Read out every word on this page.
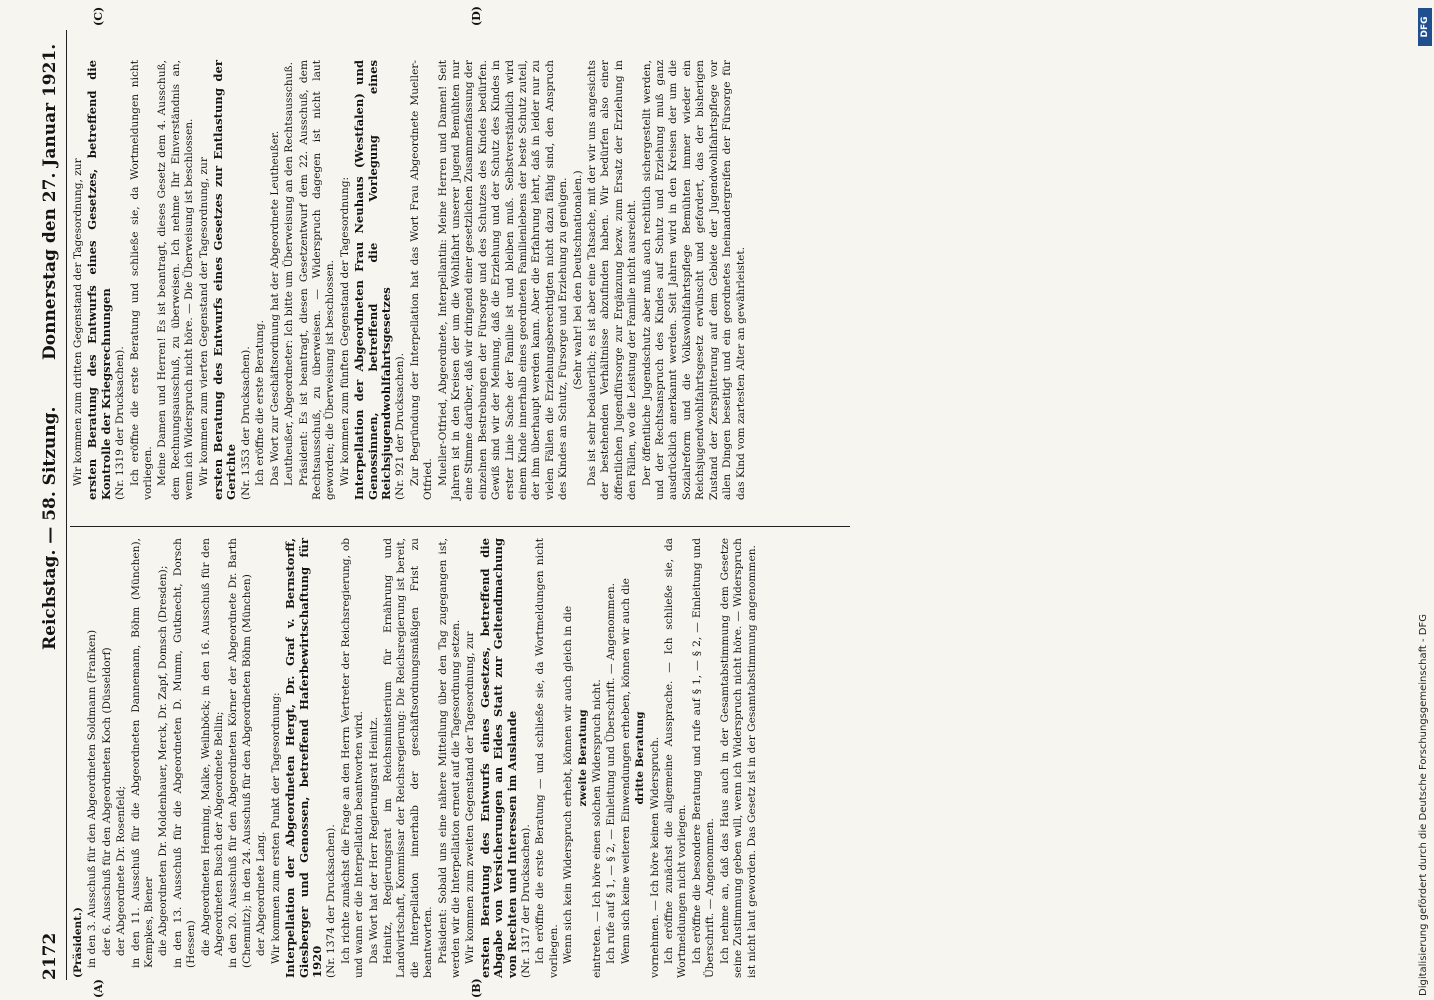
2172
Reichstag. — 58. Sitzung.
Donnerstag den 27. Januar 1921.
(A)	(B)
(C)	(D)

(Präsident.) in den 3. Ausschuß für den Abgeordneten Soldmann (Franken) der 6. Ausschuß für den Abgeordneten Koch (Düsseldorf) der Abgeordnete Dr. Rosenfeld; in den 11. Ausschuß für die Abgeordneten Dannemann, Böhm (München), Kempkes, Biener die Abgeordneten Dr. Moldenhauer, Merck, Dr. Zapf, Domsch (Dresden); in den 13. Ausschuß für die Abgeordneten D. Mumm, Gutknecht, Dorsch (Hessen) die Abgeordneten Henning, Malke, Weilnböck; in den 16. Ausschuß für den Abgeordneten Busch der Abgeordnete Bellin; in den 20. Ausschuß für den Abgeordneten Körner der Abgeordnete Dr. Barth (Chemnitz); in den 24. Ausschuß für den Abgeordneten Böhm (München) der Abgeordnete Lang. Wir kommen zum ersten Punkt der Tagesordnung: Interpellation der Abgeordneten Hergt, Dr. Graf v. Bernstorff, Giesberger und Genossen, betreffend Haferbewirtschaftung für 1920 (Nr. 1374 der Drucksachen). Ich richte zunächst die Frage an den Herrn Vertreter der Reichsregierung, ob und wann er die Interpellation beantworten wird. Das Wort hat der Herr Regierungsrat Heinitz. Heinitz, Regierungsrat im Reichsministerium für Ernährung und Landwirtschaft, Kommissar der Reichsregierung: Die Reichsregierung ist bereit, die Interpellation innerhalb der geschäftsordnungsmäßigen Frist zu beantworten. Präsident: Sobald uns eine nähere Mitteilung über den Tag zugegangen ist, werden wir die Interpellation erneut auf die Tagesordnung setzen. Wir kommen zum zweiten Gegenstand der Tagesordnung, zur ersten Beratung des Entwurfs eines Gesetzes, betreffend die Abgabe von Versicherungen an Eides Statt zur Geltendmachung von Rechten und Interessen im Auslande (Nr. 1317 der Drucksachen). Ich eröffne die erste Beratung — und schließe sie, da Wortmeldungen nicht vorliegen. Wenn sich kein Widerspruch erhebt, können wir auch gleich in die zweite Beratung eintreten. — Ich höre einen solchen Widerspruch nicht. Ich rufe auf § 1, — § 2, — Einleitung und Überschrift. — Angenommen. Wenn sich keine weiteren Einwendungen erheben, können wir auch die dritte Beratung vornehmen. — Ich höre keinen Widerspruch. Ich eröffne zunächst die allgemeine Aussprache. — Ich schließe sie, da Wortmeldungen nicht vorliegen. Ich eröffne die besondere Beratung und rufe auf § 1, — § 2, — Einleitung und Überschrift. — Angenommen. Ich nehme an, daß das Haus auch in der Gesamtabstimmung dem Gesetze seine Zustimmung geben will, wenn ich Widerspruch nicht höre. — Widerspruch ist nicht laut geworden. Das Gesetz ist in der Gesamtabstimmung angenommen.

Wir kommen zum dritten Gegenstand der Tagesordnung, zur ersten Beratung des Entwurfs eines Gesetzes, betreffend die Kontrolle der Kriegsrechnungen (Nr. 1319 der Drucksachen). Ich eröffne die erste Beratung und schließe sie, da Wortmeldungen nicht vorliegen. Meine Damen und Herren! Es ist beantragt, dieses Gesetz dem 4. Ausschuß, dem Rechnungsausschuß, zu überweisen. Ich nehme Ihr Einverständnis an, wenn ich Widerspruch nicht höre. — Die Überweisung ist beschlossen. Wir kommen zum vierten Gegenstand der Tagesordnung, zur ersten Beratung des Entwurfs eines Gesetzes zur Entlastung der Gerichte (Nr. 1353 der Drucksachen). Ich eröffne die erste Beratung. Das Wort zur Geschäftsordnung hat der Abgeordnete Leutheußer. Leutheußer, Abgeordneter: Ich bitte um Überweisung an den Rechtsausschuß. Präsident: Es ist beantragt, diesen Gesetzentwurf dem 22. Ausschuß, dem Rechtsausschuß, zu überweisen. — Widerspruch dagegen ist nicht laut geworden; die Überweisung ist beschlossen. Wir kommen zum fünften Gegenstand der Tagesordnung: Interpellation der Abgeordneten Frau Neuhaus (Westfalen) und Genossinnen, betreffend die Vorlegung eines Reichsjugendwohlfahrtsgesetzes (Nr. 921 der Drucksachen). Zur Begründung der Interpellation hat das Wort Frau Abgeordnete Mueller-Otfried. Mueller-Otfried, Abgeordnete, Interpellantin: Meine Herren und Damen! Seit Jahren ist in den Kreisen der um die Wohlfahrt unserer Jugend Bemühten nur eine Stimme darüber, daß wir dringend einer gesetzlichen Zusammenfassung der einzelnen Bestrebungen der Fürsorge und des Schutzes des Kindes bedürfen. Gewiß sind wir der Meinung, daß die Erziehung und der Schutz des Kindes in erster Linie Sache der Familie ist und bleiben muß. Selbstverständlich wird einem Kinde innerhalb eines geordneten Familienlebens der beste Schutz zuteil, der ihm überhaupt werden kann. Aber die Erfahrung lehrt, daß in leider nur zu vielen Fällen die Erziehungsberechtigten nicht dazu fähig sind, den Anspruch des Kindes an Schutz, Fürsorge und Erziehung zu genügen. (Sehr wahr! bei den Deutschnationalen.) Das ist sehr bedauerlich; es ist aber eine Tatsache, mit der wir uns angesichts der bestehenden Verhältnisse abzufinden haben. Wir bedürfen also einer öffentlichen Jugendfürsorge zur Ergänzung bezw. zum Ersatz der Erziehung in den Fällen, wo die Leistung der Familie nicht ausreicht. Der öffentliche Jugendschutz aber muß auch rechtlich sichergestellt werden, und der Rechtsanspruch des Kindes auf Schutz und Erziehung muß ganz ausdrücklich anerkannt werden. Seit Jahren wird in den Kreisen der um die Sozialreform und die Volkswohlfahrtspflege Bemühten immer wieder ein Reichsjugendwohlfahrtsgesetz erwünscht und gefordert, das der bisherigen Zustand der Zersplitterung auf dem Gebiete der Jugendwohlfahrtspflege vor allen Dingen beseitigt und ein geordnetes Ineinandergreifen der Fürsorge für das Kind vom zartesten Alter an gewährleistet.

DFG
Digitalisierung gefördert durch die Deutsche Forschungsgemeinschaft - DFG
